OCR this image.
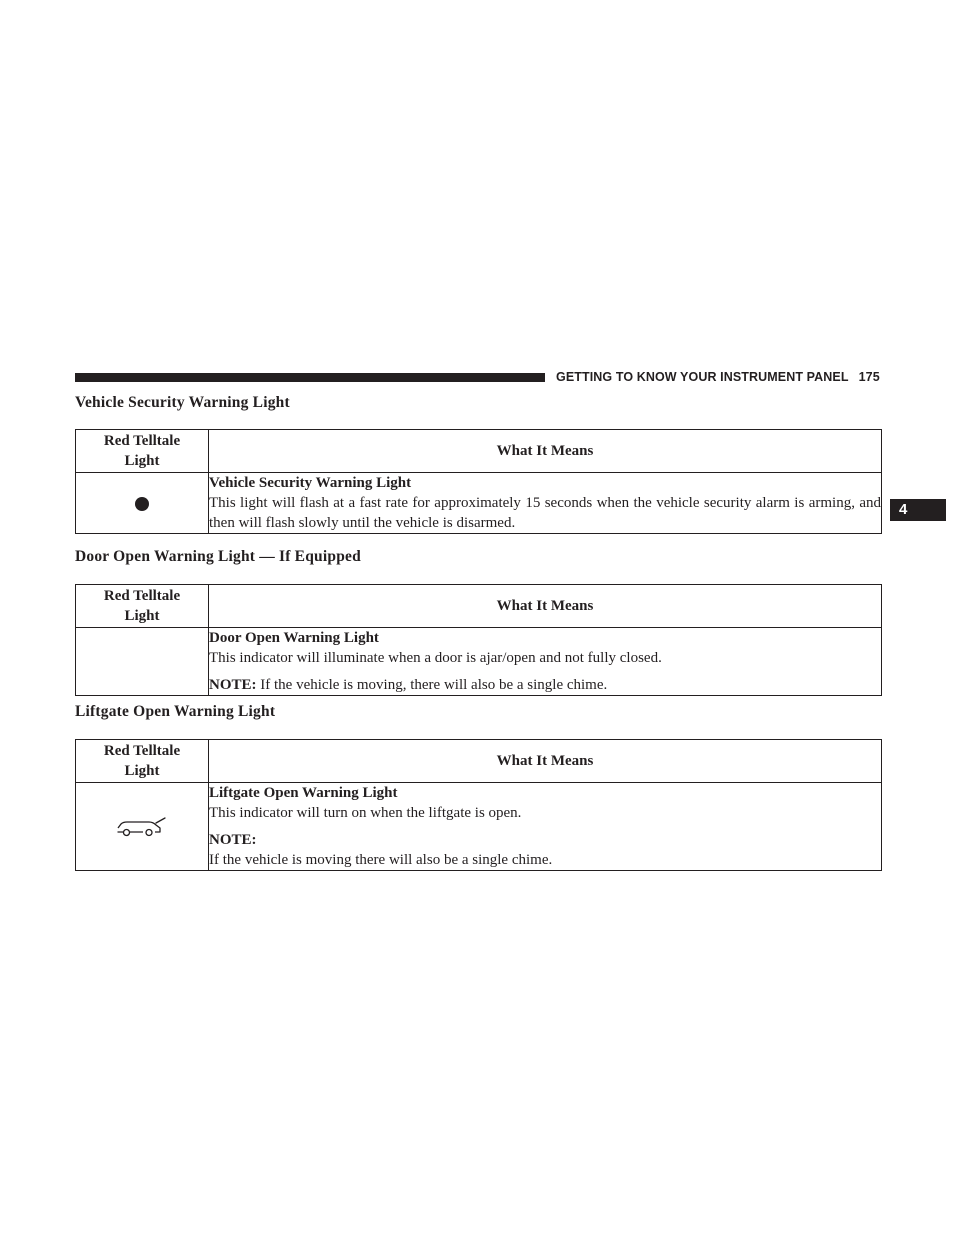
GETTING TO KNOW YOUR INSTRUMENT PANEL 175
4
Vehicle Security Warning Light
Red Telltale Light	What It Means

	Vehicle Security Warning Light

This light will flash at a fast rate for approximately 15 seconds when the vehicle security alarm is arming, and then will flash slowly until the vehicle is disarmed.

Door Open Warning Light — If Equipped
Red Telltale Light	What It Means

	Door Open Warning Light

This indicator will illuminate when a door is ajar/open and not fully closed.

NOTE: If the vehicle is moving, there will also be a single chime.

Liftgate Open Warning Light
Red Telltale Light	What It Means

Liftgate Open Warning Light

This indicator will turn on when the liftgate is open.

NOTE:

If the vehicle is moving there will also be a single chime.
